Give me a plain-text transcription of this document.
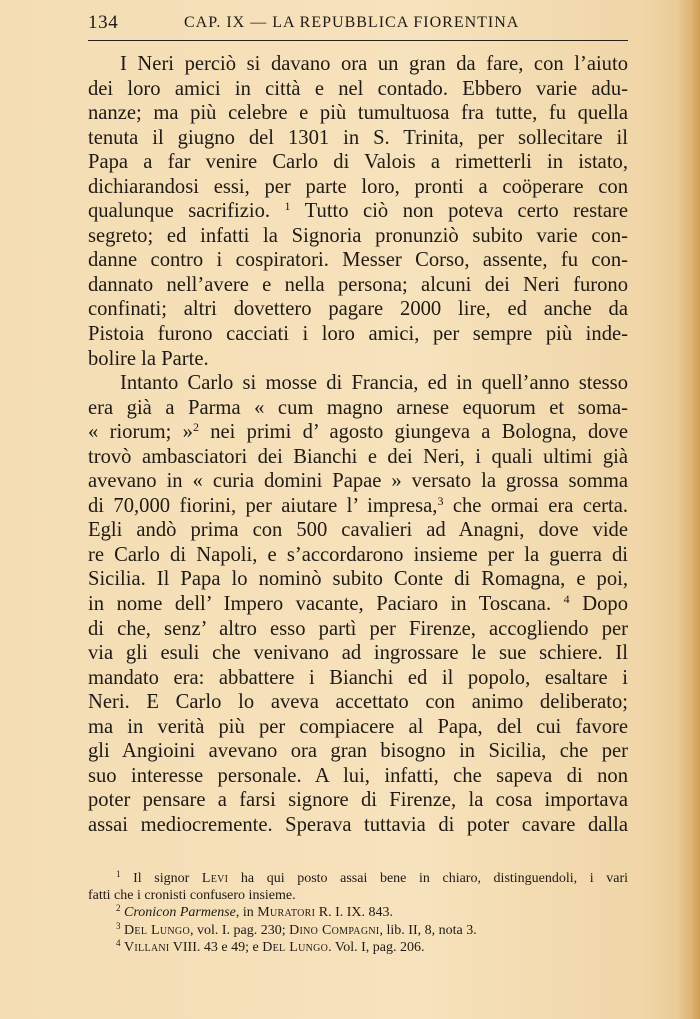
134	CAP. IX — LA REPUBBLICA FIORENTINA
I Neri perciò si davano ora un gran da fare, con l’aiuto
dei loro amici in città e nel contado. Ebbero varie adu-
nanze; ma più celebre e più tumultuosa fra tutte, fu quella
tenuta il giugno del 1301 in S. Trinita, per sollecitare il
Papa a far venire Carlo di Valois a rimetterli in istato,
dichiarandosi essi, per parte loro, pronti a coöperare con
qualunque sacrifizio. $^1$ Tutto ciò non poteva certo restare
segreto; ed infatti la Signoria pronunziò subito varie con-
danne contro i cospiratori. Messer Corso, assente, fu con-
dannato nell’avere e nella persona; alcuni dei Neri furono
confinati; altri dovettero pagare 2000 lire, ed anche da
Pistoia furono cacciati i loro amici, per sempre più inde-
bolire la Parte.
Intanto Carlo si mosse di Francia, ed in quell’anno stesso
era già a Parma « cum magno arnese equorum et soma-
« riorum; »$^2$ nei primi d’ agosto giungeva a Bologna, dove
trovò ambasciatori dei Bianchi e dei Neri, i quali ultimi già
avevano in « curia domini Papae » versato la grossa somma
di 70,000 fiorini, per aiutare l’ impresa,$^3$ che ormai era certa.
Egli andò prima con 500 cavalieri ad Anagni, dove vide
re Carlo di Napoli, e s’accordarono insieme per la guerra di
Sicilia. Il Papa lo nominò subito Conte di Romagna, e poi,
in nome dell’ Impero vacante, Paciaro in Toscana. $^4$ Dopo
di che, senz’ altro esso partì per Firenze, accogliendo per
via gli esuli che venivano ad ingrossare le sue schiere. Il
mandato era: abbattere i Bianchi ed il popolo, esaltare i
Neri. E Carlo lo aveva accettato con animo deliberato;
ma in verità più per compiacere al Papa, del cui favore
gli Angioini avevano ora gran bisogno in Sicilia, che per
suo interesse personale. A lui, infatti, che sapeva di non
poter pensare a farsi signore di Firenze, la cosa importava
assai mediocremente. Sperava tuttavia di poter cavare dalla
$^1$ Il signor Levi ha qui posto assai bene in chiaro, distinguendoli, i vari
fatti che i cronisti confusero insieme.
$^2$ Cronicon Parmense, in Muratori R. I. IX. 843.
$^3$ Del Lungo, vol. I. pag. 230; Dino Compagni, lib. II, 8, nota 3.
$^4$ Villani VIII. 43 e 49; e Del Lungo. Vol. I, pag. 206.
